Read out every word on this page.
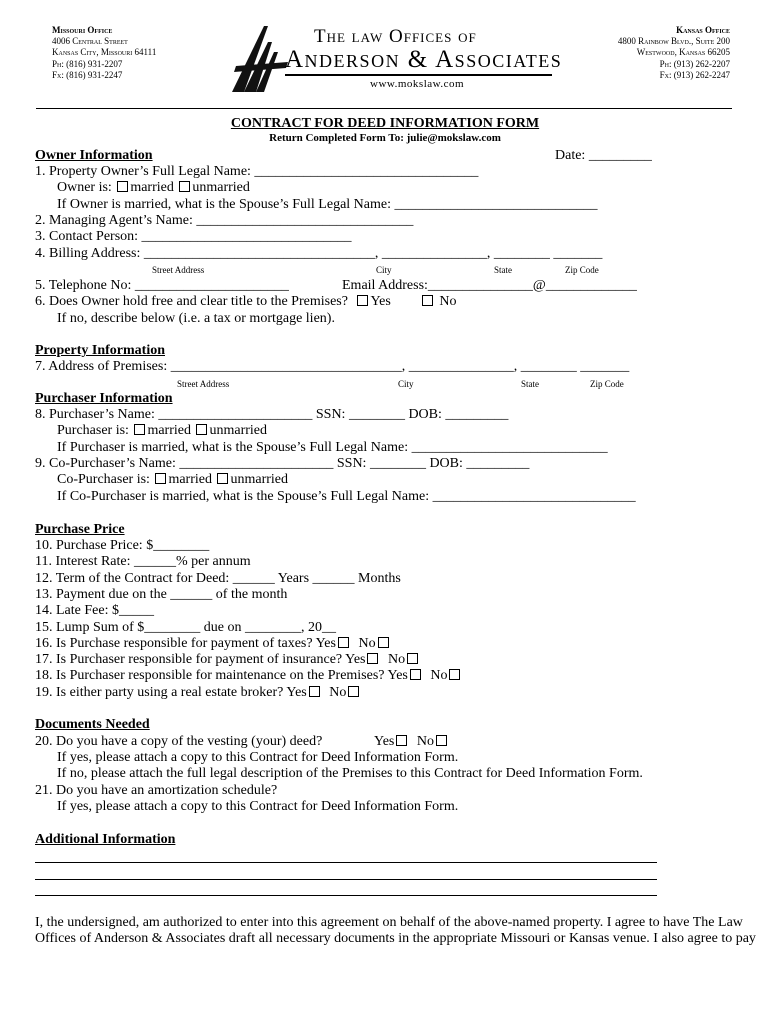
Missouri Office
4006 Central Street
Kansas City, Missouri 64111
Ph: (816) 931-2207
Fx: (816) 931-2247
The law Offices of
Anderson & Associates
www.mokslaw.com
Kansas Office
4800 Rainbow Blvd., Suite 200
Westwood, Kansas 66205
Ph: (913) 262-2207
Fx: (913) 262-2247
CONTRACT FOR DEED INFORMATION FORM
Return Completed Form To: julie@mokslaw.com
Owner Information	Date: _________
1. Property Owner’s Full Legal Name: ________________________________
Owner is: married unmarried
If Owner is married, what is the Spouse’s Full Legal Name: _____________________________
2. Managing Agent’s Name: _______________________________
3. Contact Person: ______________________________
4. Billing Address: _________________________________, _______________, ________ _______
Street Address	City	State	Zip Code
5. Telephone No: ______________________	Email Address:_______________@_____________
6. Does Owner hold free and clear title to the Premises? Yes	No
If no, describe below (i.e. a tax or mortgage lien).
Property Information
7. Address of Premises: _________________________________, _______________, ________ _______
Street Address	City	State	Zip Code
Purchaser Information
8. Purchaser’s Name: ______________________ SSN: ________ DOB: _________
Purchaser is: married unmarried
If Purchaser is married, what is the Spouse’s Full Legal Name: ____________________________
9. Co-Purchaser’s Name: ______________________ SSN: ________ DOB: _________
Co-Purchaser is: married unmarried
If Co-Purchaser is married, what is the Spouse’s Full Legal Name: _____________________________
Purchase Price
10. Purchase Price: $________
11. Interest Rate: ______% per annum
12. Term of the Contract for Deed: ______ Years ______ Months
13. Payment due on the ______ of the month
14. Late Fee: $_____
15. Lump Sum of $________ due on ________, 20__
16. Is Purchase responsible for payment of taxes? Yes No
17. Is Purchaser responsible for payment of insurance? Yes No
18. Is Purchaser responsible for maintenance on the Premises? Yes No
19. Is either party using a real estate broker? Yes No
Documents Needed
20. Do you have a copy of the vesting (your) deed?	Yes No
If yes, please attach a copy to this Contract for Deed Information Form.
If no, please attach the full legal description of the Premises to this Contract for Deed Information Form.
21. Do you have an amortization schedule?
If yes, please attach a copy to this Contract for Deed Information Form.
Additional Information
I, the undersigned, am authorized to enter into this agreement on behalf of the above-named property. I agree to have The Law
Offices of Anderson & Associates draft all necessary documents in the appropriate Missouri or Kansas venue. I also agree to pay
